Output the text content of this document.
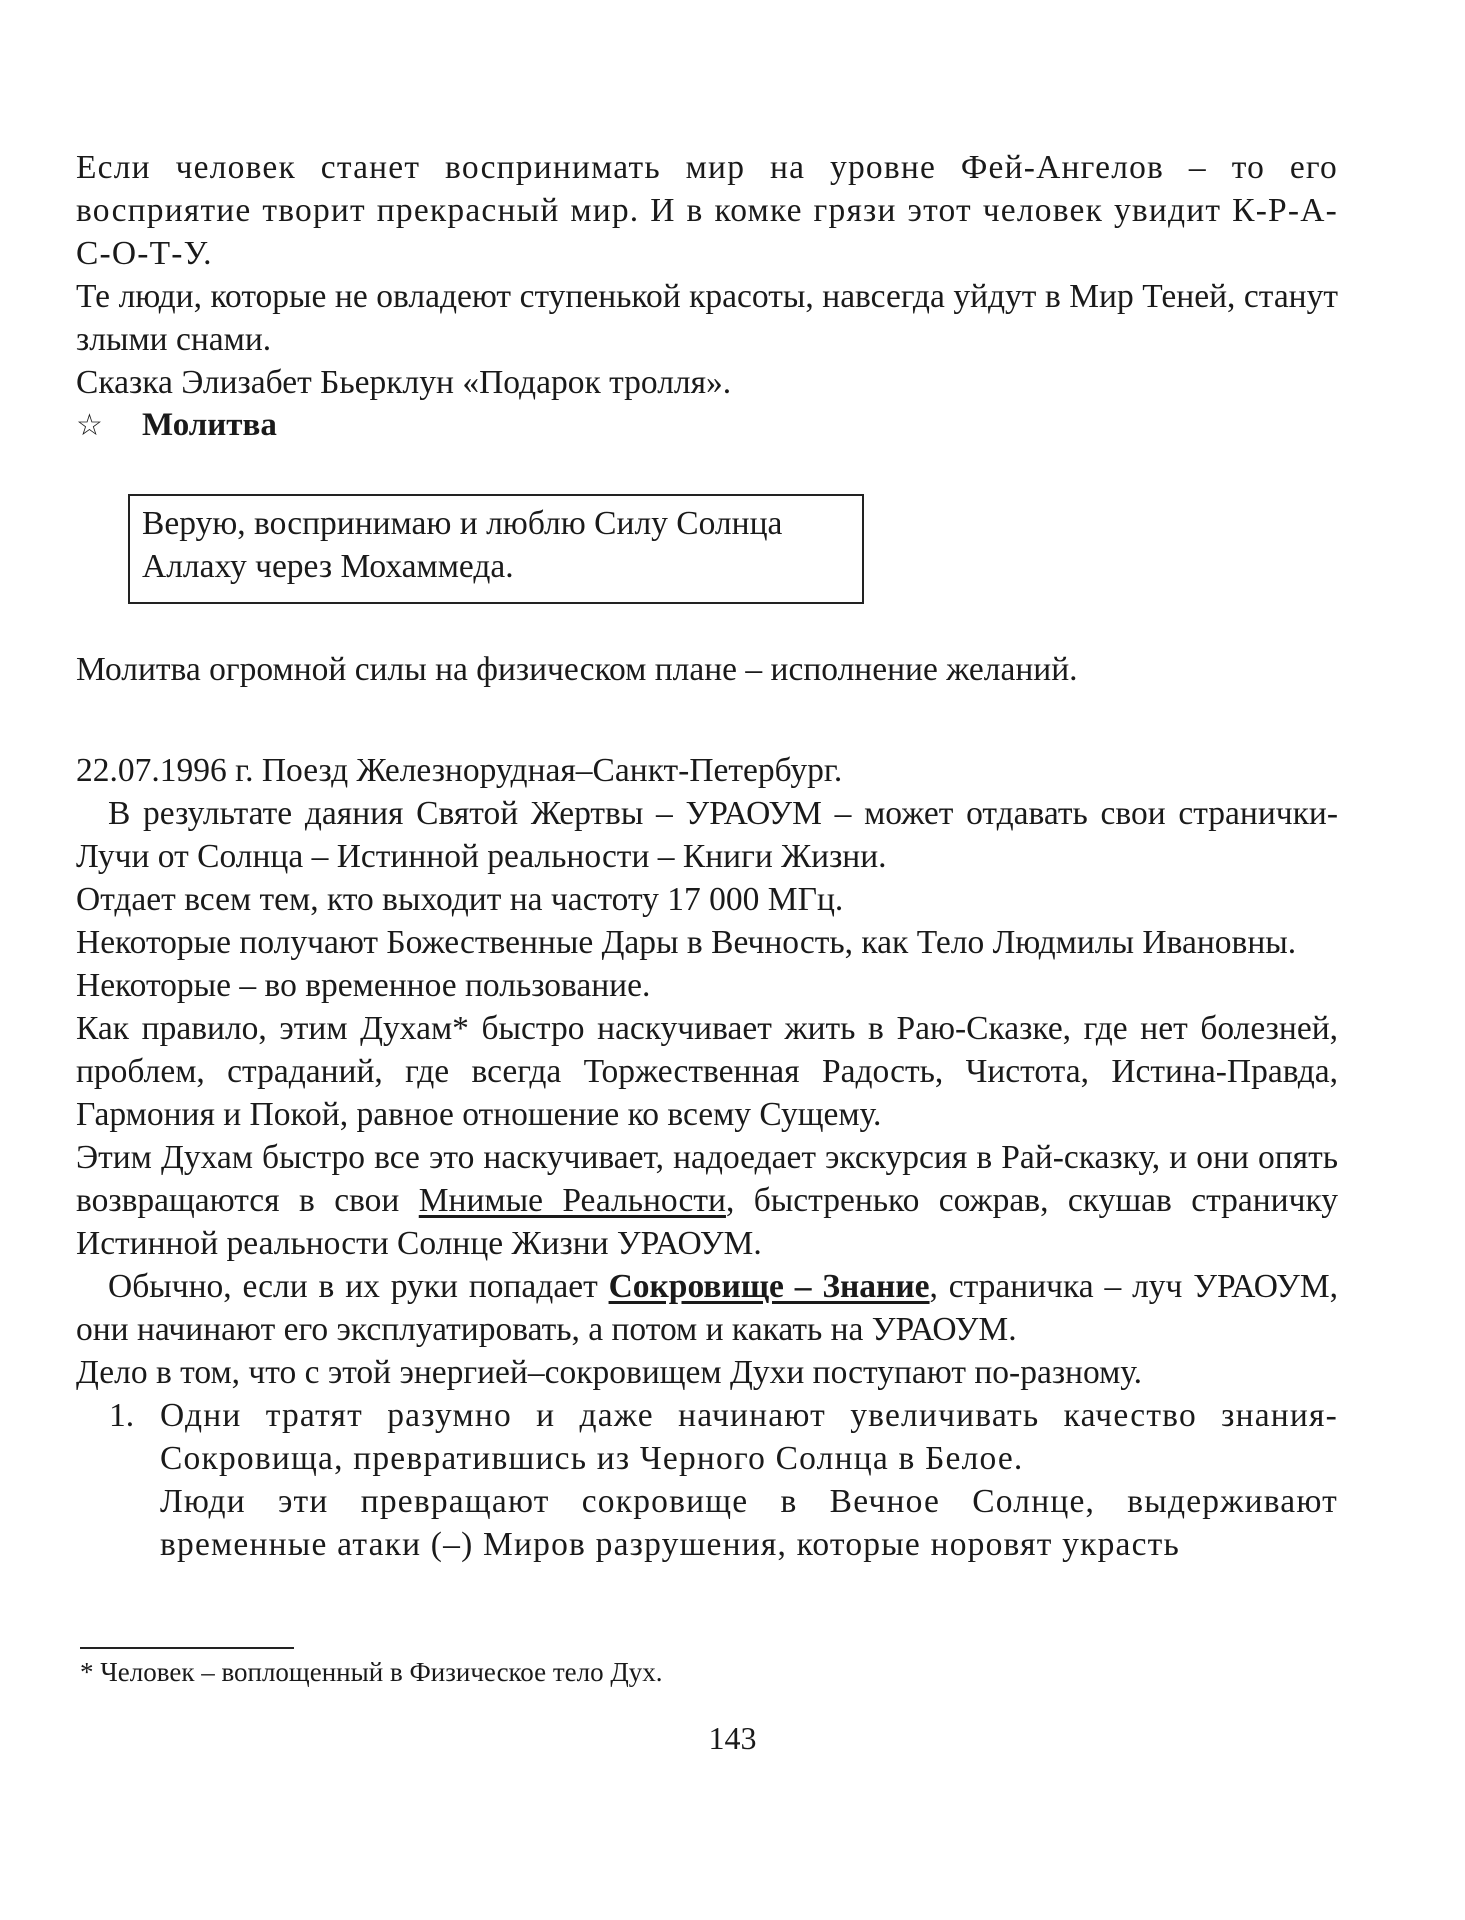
Если человек станет воспринимать мир на уровне Фей-Ангелов – то его восприятие творит прекрасный мир. И в комке грязи этот человек увидит К-Р-А-С-О-Т-У.

Те люди, которые не овладеют ступенькой красоты, навсегда уйдут в Мир Теней, станут злыми снами.

Сказка Элизабет Бьерклун «Подарок тролля».

☆ Молитва

Верую, воспринимаю и люблю Силу Солнца

Аллаху через Мохаммеда.

Молитва огромной силы на физическом плане – исполнение желаний.

22.07.1996 г. Поезд Железнорудная–Санкт-Петербург.

В результате даяния Святой Жертвы – УРАОУМ – может отдавать свои странички-Лучи от Солнца – Истинной реальности – Книги Жизни.

Отдает всем тем, кто выходит на частоту 17 000 МГц.

Некоторые получают Божественные Дары в Вечность, как Тело Людмилы Ивановны.

Некоторые – во временное пользование.

Как правило, этим Духам* быстро наскучивает жить в Раю-Сказке, где нет болезней, проблем, страданий, где всегда Торжественная Радость, Чистота, Истина-Правда, Гармония и Покой, равное отношение ко всему Сущему.

Этим Духам быстро все это наскучивает, надоедает экскурсия в Рай-сказку, и они опять возвращаются в свои Мнимые Реальности, быстренько сожрав, скушав страничку Истинной реальности Солнце Жизни УРАОУМ.

Обычно, если в их руки попадает Сокровище – Знание, страничка – луч УРАОУМ, они начинают его эксплуатировать, а потом и какать на УРАОУМ.

Дело в том, что с этой энергией–сокровищем Духи поступают по-разному.

1. Одни тратят разумно и даже начинают увеличивать качество знания-Сокровища, превратившись из Черного Солнца в Белое.

Люди эти превращают сокровище в Вечное Солнце, выдерживают временные атаки (–) Миров разрушения, которые норовят украсть

* Человек – воплощенный в Физическое тело Дух.
143
